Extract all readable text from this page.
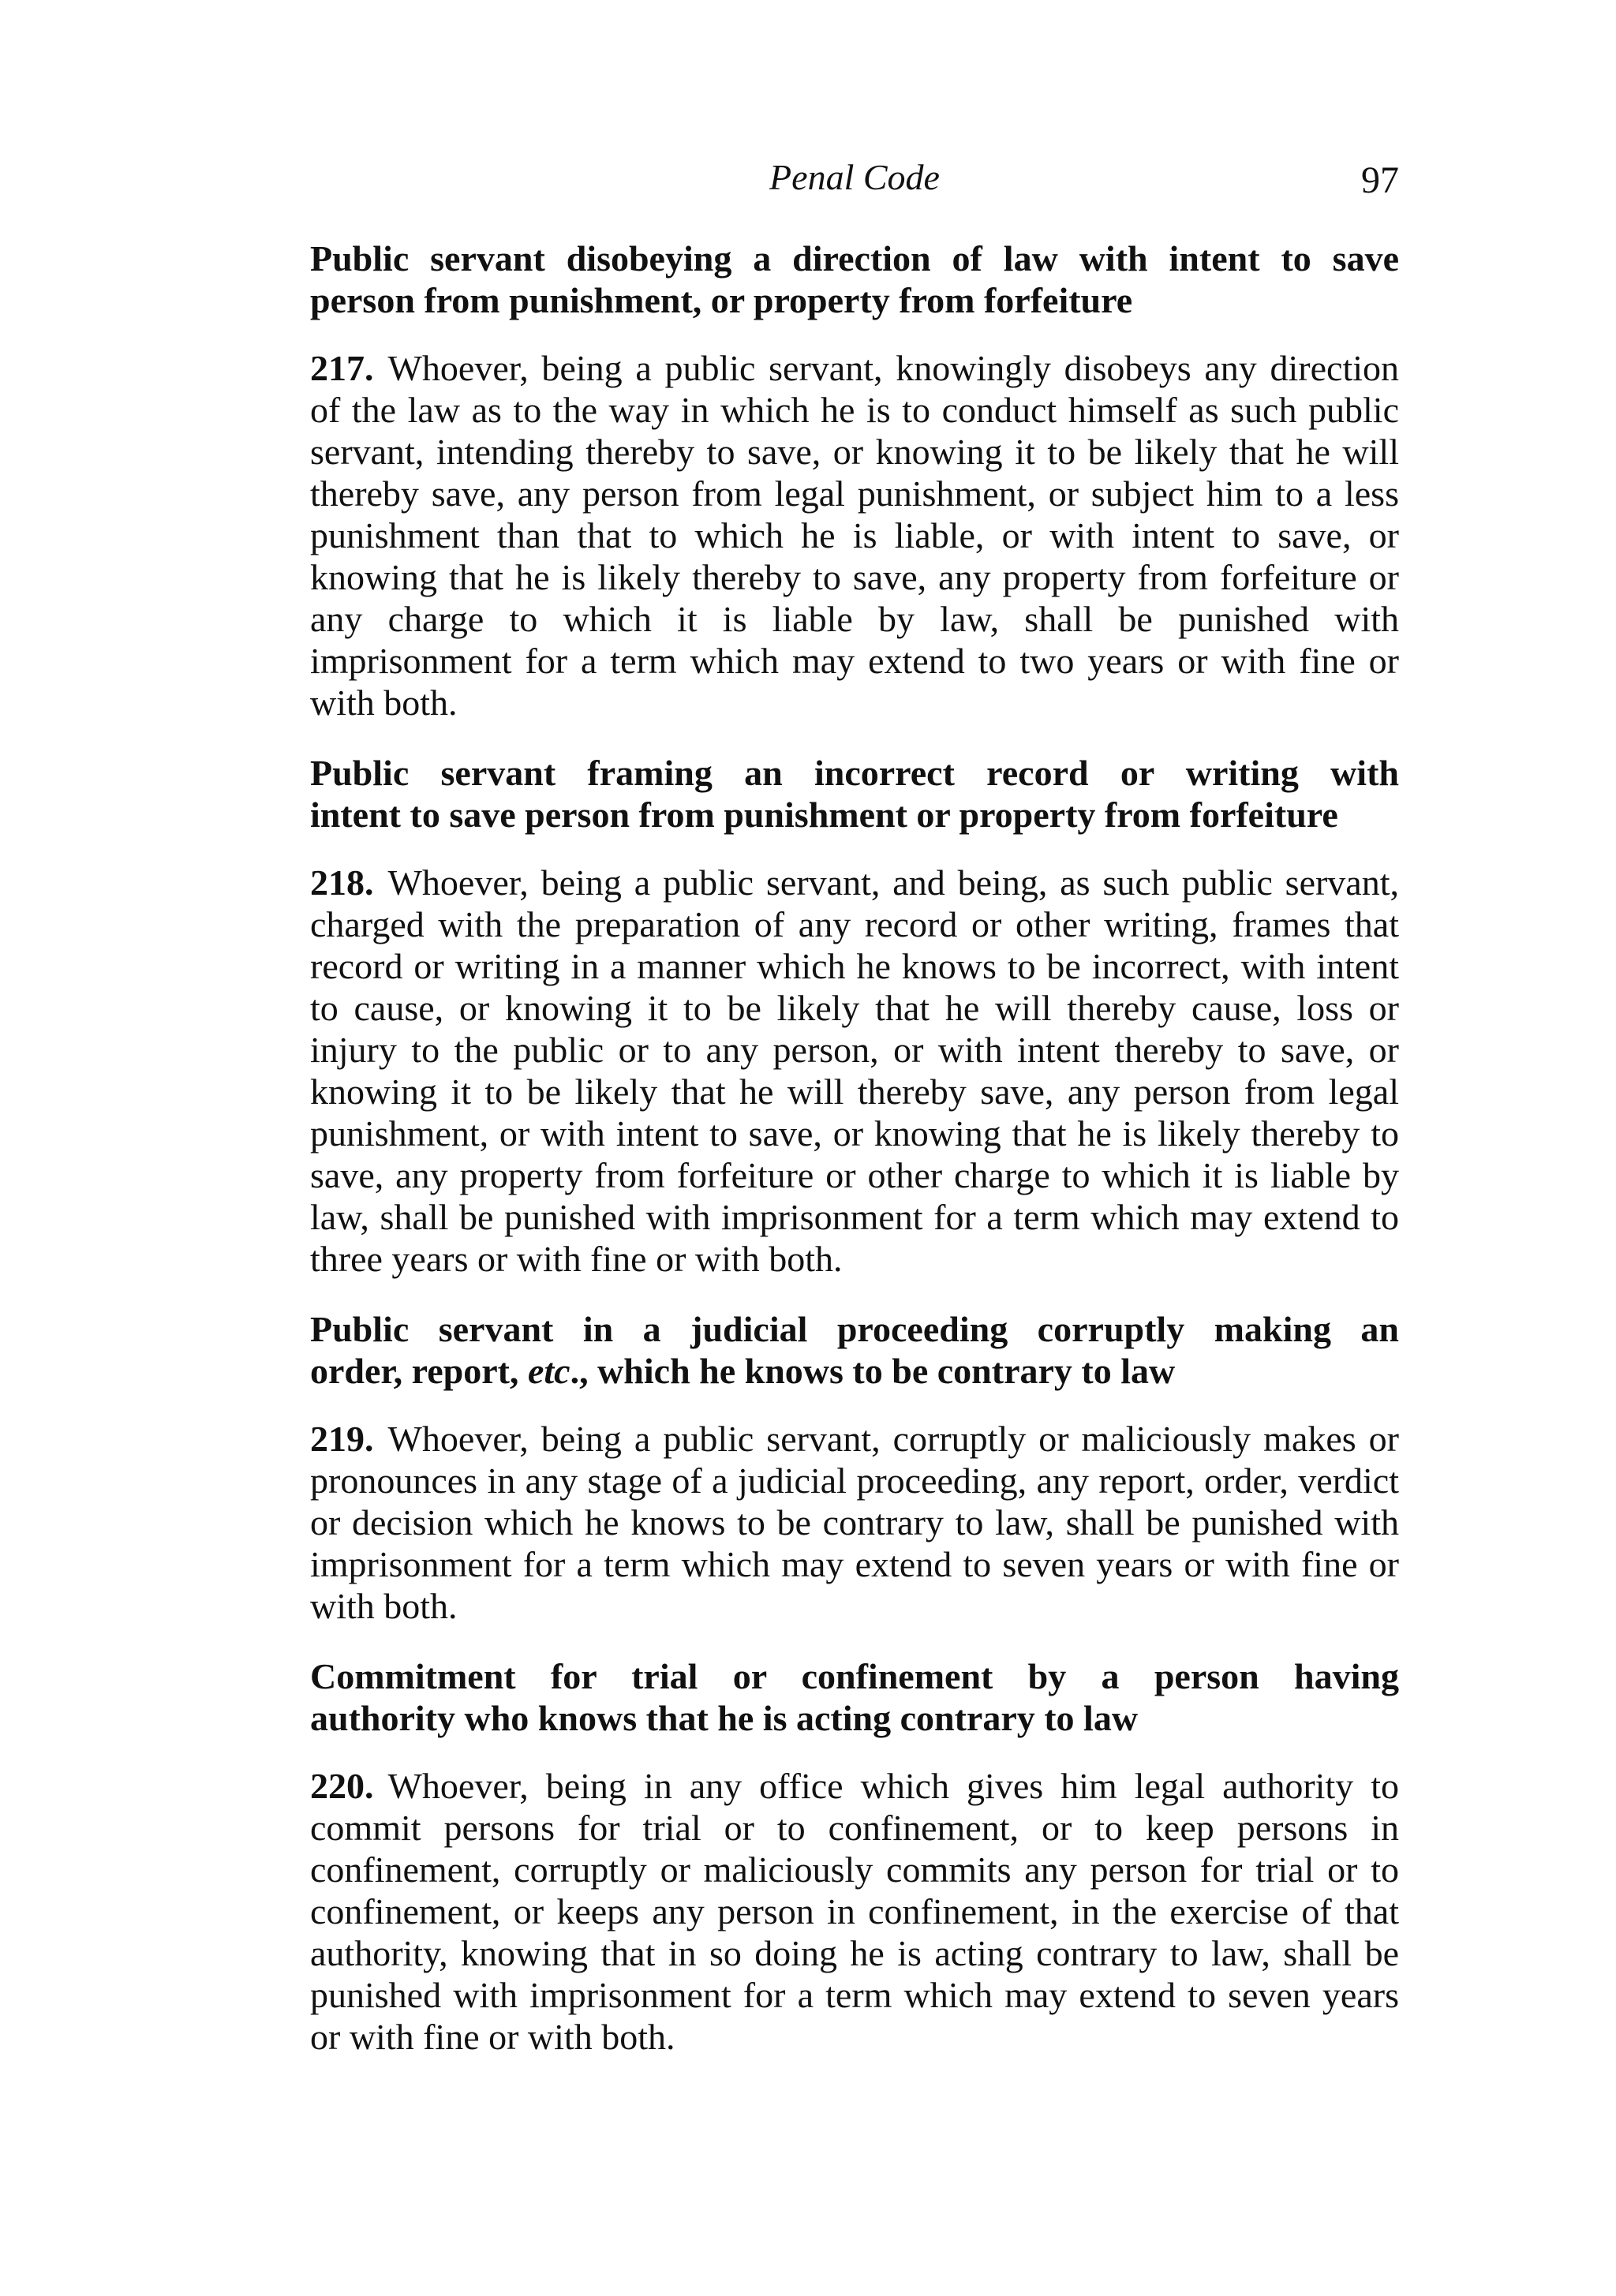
Penal Code	97

Public servant disobeying a direction of law with intent to save
person from punishment, or property from forfeiture

217. Whoever, being a public servant, knowingly disobeys any direction of the law as to the way in which he is to conduct himself as such public servant, intending thereby to save, or knowing it to be likely that he will thereby save, any person from legal punishment, or subject him to a less punishment than that to which he is liable, or with intent to save, or knowing that he is likely thereby to save, any property from forfeiture or any charge to which it is liable by law, shall be punished with imprisonment for a term which may extend to two years or with fine or with both.

Public servant framing an incorrect record or writing with
intent to save person from punishment or property from forfeiture

218. Whoever, being a public servant, and being, as such public servant, charged with the preparation of any record or other writing, frames that record or writing in a manner which he knows to be incorrect, with intent to cause, or knowing it to be likely that he will thereby cause, loss or injury to the public or to any person, or with intent thereby to save, or knowing it to be likely that he will thereby save, any person from legal punishment, or with intent to save, or knowing that he is likely thereby to save, any property from forfeiture or other charge to which it is liable by law, shall be punished with imprisonment for a term which may extend to three years or with fine or with both.

Public servant in a judicial proceeding corruptly making an
order, report, etc., which he knows to be contrary to law

219. Whoever, being a public servant, corruptly or maliciously makes or pronounces in any stage of a judicial proceeding, any report, order, verdict or decision which he knows to be contrary to law, shall be punished with imprisonment for a term which may extend to seven years or with fine or with both.

Commitment for trial or confinement by a person having
authority who knows that he is acting contrary to law

220. Whoever, being in any office which gives him legal authority to commit persons for trial or to confinement, or to keep persons in confinement, corruptly or maliciously commits any person for trial or to confinement, or keeps any person in confinement, in the exercise of that authority, knowing that in so doing he is acting contrary to law, shall be punished with imprisonment for a term which may extend to seven years or with fine or with both.
